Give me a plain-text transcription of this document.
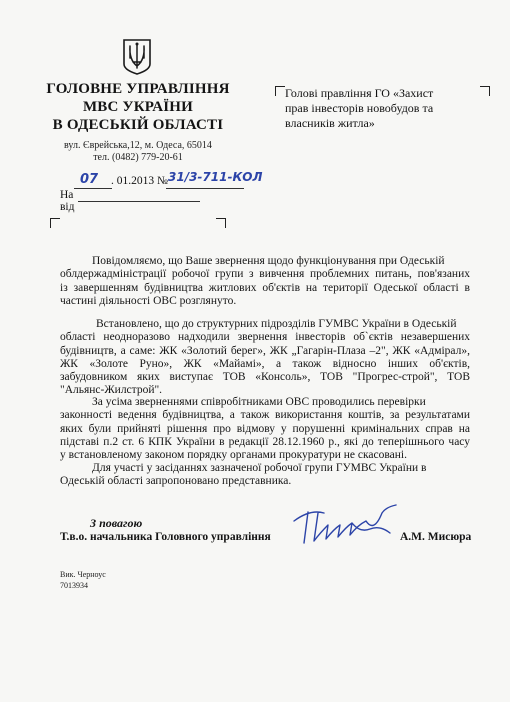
ГОЛОВНЕ УПРАВЛІННЯ
МВС УКРАЇНИ
В ОДЕСЬКІЙ ОБЛАСТІ
вул. Єврейська,12, м. Одеса, 65014
тел. (0482) 779-20-61
Голові правління ГО «Захист
прав інвесторів новобудов та
власників житла»
07 . 01.2013 № 31/3-711-КОЛ
На
від
Повідомляємо, що Ваше звернення щодо функціонування при Одеській
облдержадміністрації робочої групи з вивчення проблемних питань, пов'язаних
із завершенням будівництва житлових об'єктів на території Одеської області в
частині діяльності ОВС розглянуто.
Встановлено, що до структурних підрозділів ГУМВС України в Одеській
області неодноразово надходили звернення інвесторів об`єктів незавершених
будівництв, а саме: ЖК «Золотий берег», ЖК „Гагарін-Плаза –2", ЖК «Адмірал»,
ЖК «Золоте Руно», ЖК «Майамі», а також відносно інших об'єктів,
забудовником яких виступає ТОВ «Консоль», ТОВ "Прогрес-строй", ТОВ
"Альянс-Жилстрой".
За усіма зверненнями співробітниками ОВС проводились перевірки
законності ведення будівництва, а також використання коштів, за результатами
яких були прийняті рішення про відмову у порушенні кримінальних справ на
підставі п.2 ст. 6 КПК України в редакції 28.12.1960 р., які до теперішнього часу
у встановленому законом порядку органами прокуратури не скасовані.
Для участі у засіданнях зазначеної робочої групи ГУМВС України в
Одеській області запропоновано представника.
З повагою
Т.в.о. начальника Головного управління	А.М. Мисюра
Вик. Черноус
7013934
